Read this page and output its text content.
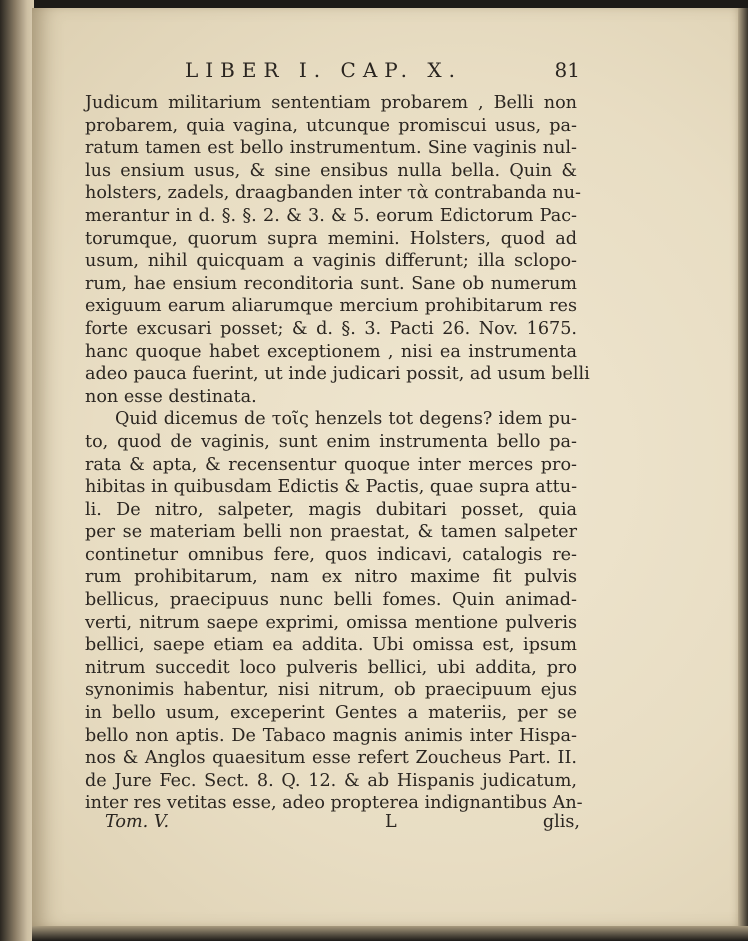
LIBER I. CAP. X.	81
Judicum militarium sententiam probarem , Belli non
probarem, quia vagina, utcunque promiscui usus, pa-
ratum tamen est bello instrumentum. Sine vaginis nul-
lus ensium usus, & sine ensibus nulla bella. Quin &
holsters, zadels, draagbanden inter τὰ contrabanda nu-
merantur in d. §. §. 2. & 3. & 5. eorum Edictorum Pac-
torumque, quorum supra memini. Holsters, quod ad
usum, nihil quicquam a vaginis differunt; illa sclopo-
rum, hae ensium reconditoria sunt. Sane ob numerum
exiguum earum aliarumque mercium prohibitarum res
forte excusari posset; & d. §. 3. Pacti 26. Nov. 1675.
hanc quoque habet exceptionem , nisi ea instrumenta
adeo pauca fuerint, ut inde judicari possit, ad usum belli
non esse destinata.
Quid dicemus de τοῖς henzels tot degens? idem pu-
to, quod de vaginis, sunt enim instrumenta bello pa-
rata & apta, & recensentur quoque inter merces pro-
hibitas in quibusdam Edictis & Pactis, quae supra attu-
li. De nitro, salpeter, magis dubitari posset, quia
per se materiam belli non praestat, & tamen salpeter
continetur omnibus fere, quos indicavi, catalogis re-
rum prohibitarum, nam ex nitro maxime fit pulvis
bellicus, praecipuus nunc belli fomes. Quin animad-
verti, nitrum saepe exprimi, omissa mentione pulveris
bellici, saepe etiam ea addita. Ubi omissa est, ipsum
nitrum succedit loco pulveris bellici, ubi addita, pro
synonimis habentur, nisi nitrum, ob praecipuum ejus
in bello usum, exceperint Gentes a materiis, per se
bello non aptis. De Tabaco magnis animis inter Hispa-
nos & Anglos quaesitum esse refert Zoucheus Part. II.
de Jure Fec. Sect. 8. Q. 12. & ab Hispanis judicatum,
inter res vetitas esse, adeo propterea indignantibus An-
Tom. V.	L	glis,
